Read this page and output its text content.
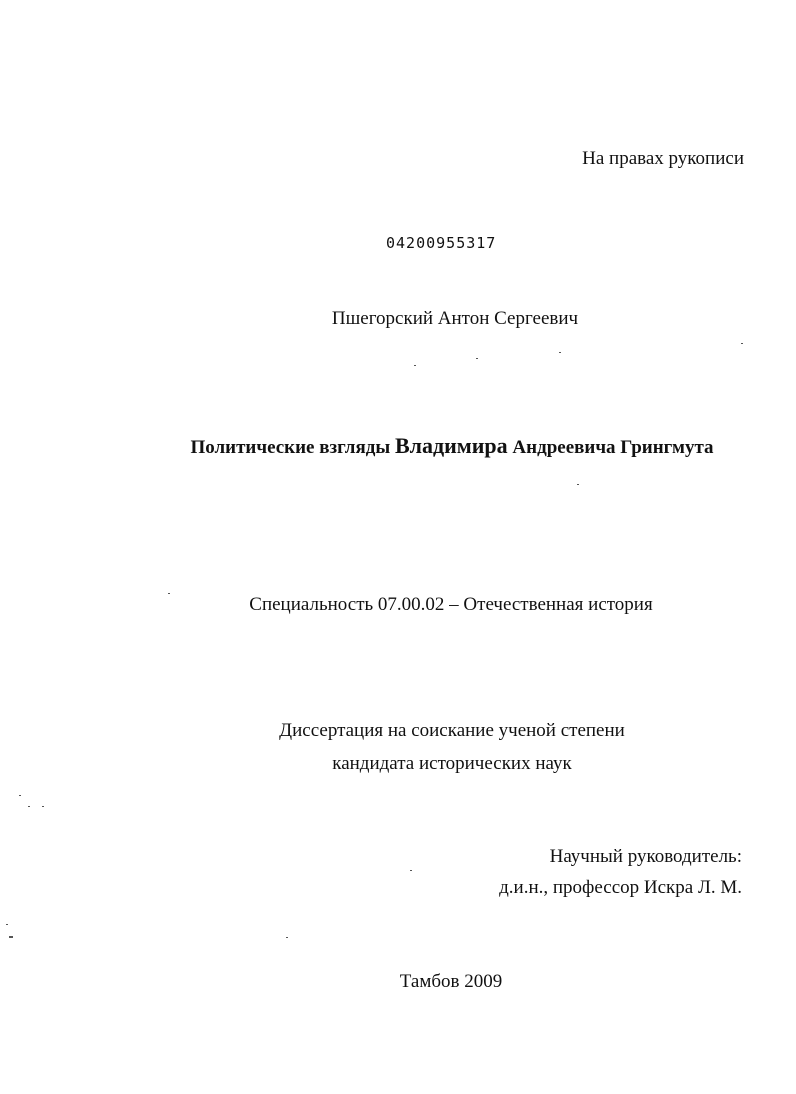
На правах рукописи
04200955317
Пшегорский Антон Сергеевич
Политические взгляды Владимира Андреевича Грингмута
Специальность 07.00.02 – Отечественная история
Диссертация на соискание ученой степени
кандидата исторических наук
Научный руководитель:
д.и.н., профессор Искра Л. М.
Тамбов 2009
